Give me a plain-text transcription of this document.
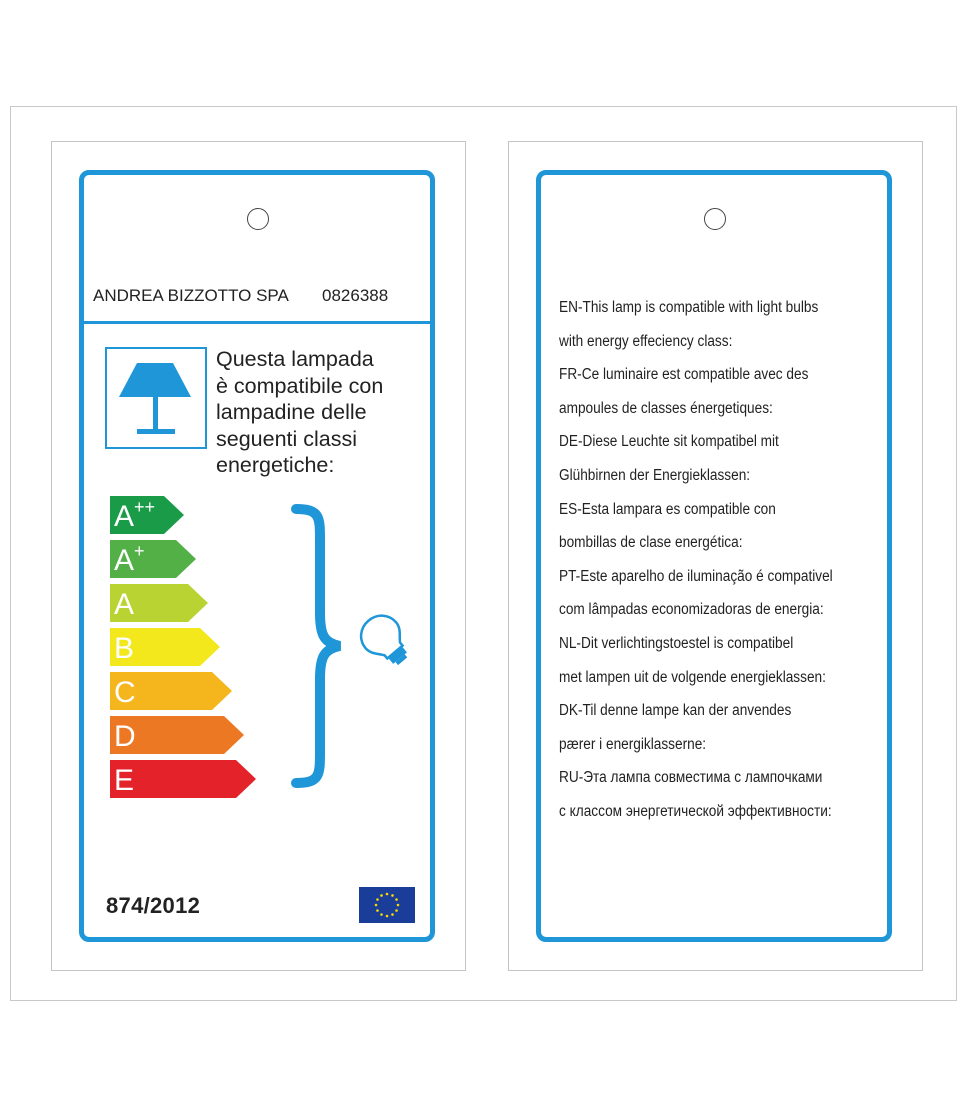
ANDREA BIZZOTTO SPA 0826388
Questa lampada
è compatibile con
lampadine delle
seguenti classi
energetiche:
A++
A+
A
B
C
D
E
874/2012
EN-This lamp is compatible with light bulbs
with energy effeciency class:
FR-Ce luminaire est compatible avec des
ampoules de classes énergetiques:
DE-Diese Leuchte sit kompatibel mit
Glühbirnen der Energieklassen:
ES-Esta lampara es compatible con
bombillas de clase energética:
PT-Este aparelho de iluminação é compativel
com lâmpadas economizadoras de energia:
NL-Dit verlichtingstoestel is compatibel
met lampen uit de volgende energieklassen:
DK-Til denne lampe kan der anvendes
pærer i energiklasserne:
RU-Эта лампа совместима с лампочками
с классом энергетической эффективности:
